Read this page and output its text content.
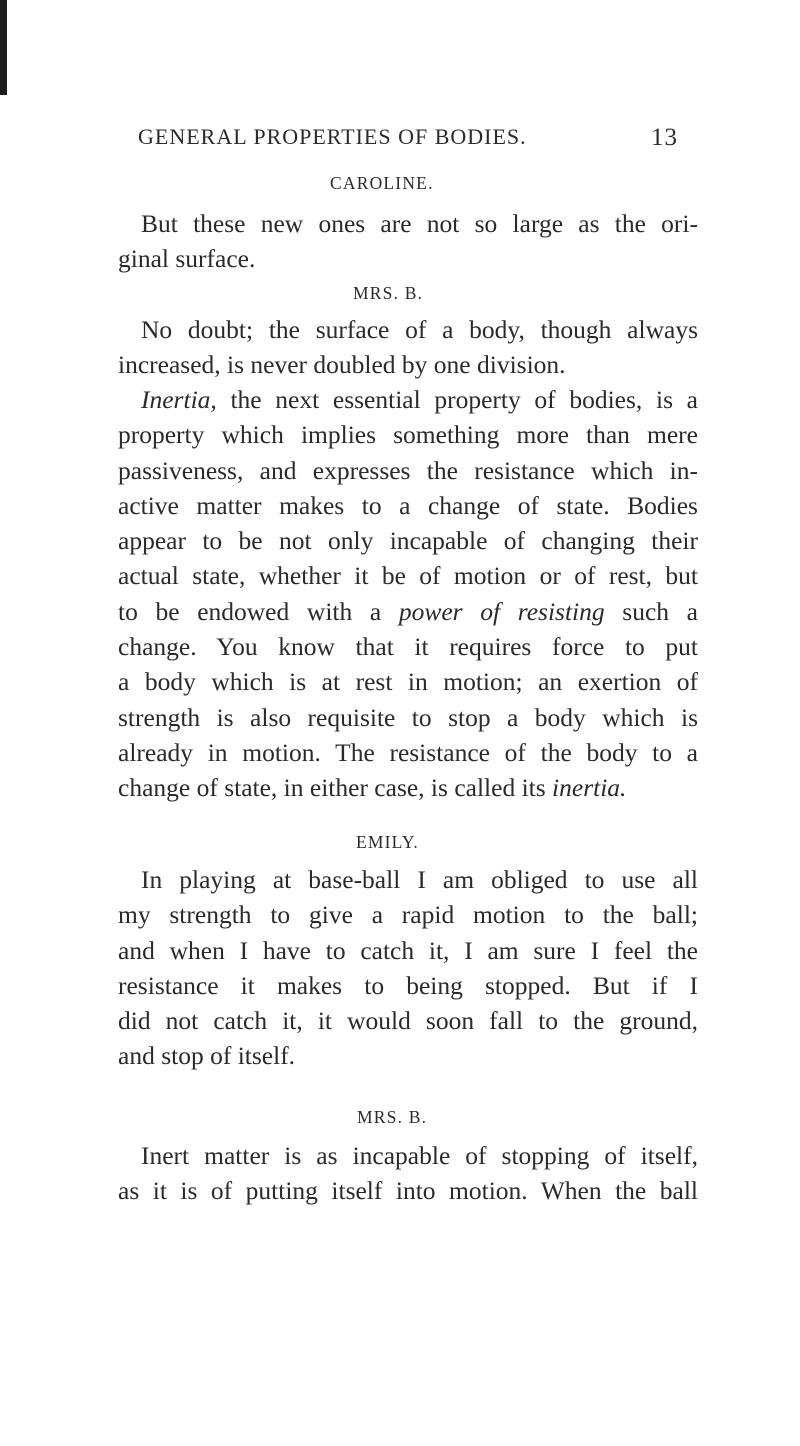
GENERAL PROPERTIES OF BODIES.	13
CAROLINE.

But these new ones are not so large as the ori-
ginal surface.

MRS. B.

No doubt; the surface of a body, though always
increased, is never doubled by one division.

Inertia, the next essential property of bodies, is a
property which implies something more than mere
passiveness, and expresses the resistance which in-
active matter makes to a change of state. Bodies
appear to be not only incapable of changing their
actual state, whether it be of motion or of rest, but
to be endowed with a power of resisting such a
change. You know that it requires force to put
a body which is at rest in motion; an exertion of
strength is also requisite to stop a body which is
already in motion. The resistance of the body to a
change of state, in either case, is called its inertia.

EMILY.

In playing at base-ball I am obliged to use all
my strength to give a rapid motion to the ball;
and when I have to catch it, I am sure I feel the
resistance it makes to being stopped. But if I
did not catch it, it would soon fall to the ground,
and stop of itself.

MRS. B.

Inert matter is as incapable of stopping of itself,
as it is of putting itself into motion. When the ball
